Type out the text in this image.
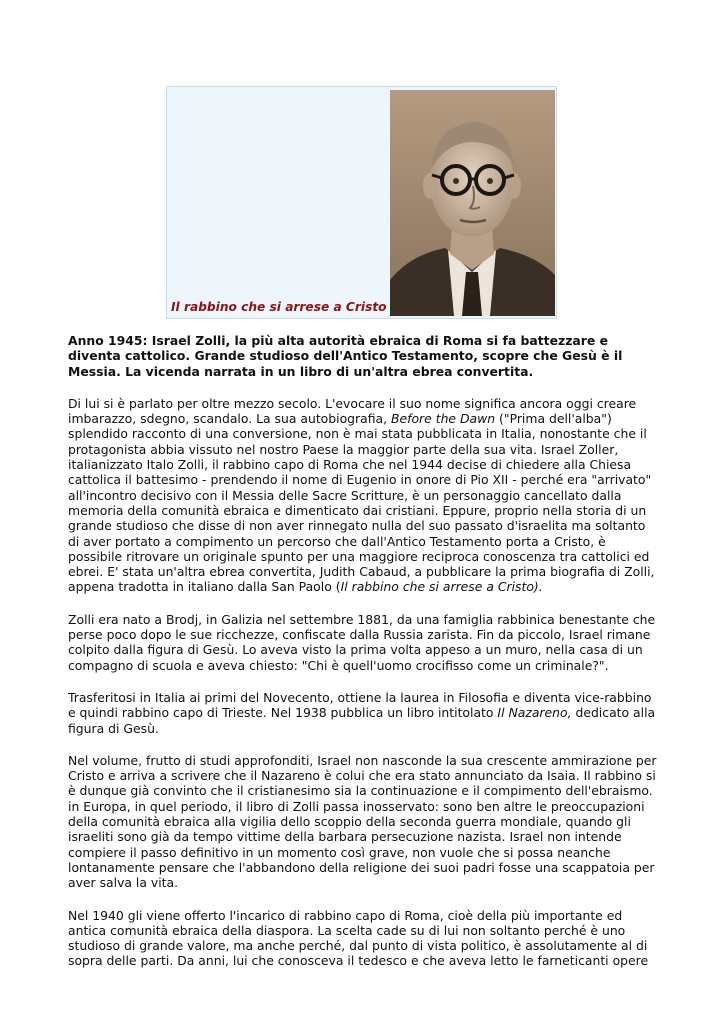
Il rabbino che si arrese a Cristo

Anno 1945: Israel Zolli, la più alta autorità ebraica di Roma si fa battezzare e diventa cattolico. Grande studioso dell'Antico Testamento, scopre che Gesù è il Messia. La vicenda narrata in un libro di un'altra ebrea convertita.

Di lui si è parlato per oltre mezzo secolo. L'evocare il suo nome significa ancora oggi creare imbarazzo, sdegno, scandalo. La sua autobiografia, Before the Dawn ("Prima dell'alba") splendido racconto di una conversione, non è mai stata pubblicata in Italia, nonostante che il protagonista abbia vissuto nel nostro Paese la maggior parte della sua vita. Israel Zoller, italianizzato Italo Zolli, il rabbino capo di Roma che nel 1944 decise di chiedere alla Chiesa cattolica il battesimo - prendendo il nome di Eugenio in onore di Pio XII - perché era "arrivato" all'incontro decisivo con il Messia delle Sacre Scritture, è un personaggio cancellato dalla memoria della comunità ebraica e dimenticato dai cristiani. Eppure, proprio nella storia di un grande studioso che disse di non aver rinnegato nulla del suo passato d'israelita ma soltanto di aver portato a compimento un percorso che dall'Antico Testamento porta a Cristo, è possibile ritrovare un originale spunto per una maggiore reciproca conoscenza tra cattolici ed ebrei. E' stata un'altra ebrea convertita, Judith Cabaud, a pubblicare la prima biografia di Zolli, appena tradotta in italiano dalla San Paolo (Il rabbino che si arrese a Cristo).

Zolli era nato a Brodj, in Galizia nel settembre 1881, da una famiglia rabbinica benestante che perse poco dopo le sue ricchezze, confiscate dalla Russia zarista. Fin da piccolo, Israel rimane colpito dalla figura di Gesù. Lo aveva visto la prima volta appeso a un muro, nella casa di un compagno di scuola e aveva chiesto: "Chi è quell'uomo crocifisso come un criminale?".

Trasferitosi in Italia ai primi del Novecento, ottiene la laurea in Filosofia e diventa vice-rabbino e quindi rabbino capo di Trieste. Nel 1938 pubblica un libro intitolato Il Nazareno, dedicato alla figura di Gesù.

Nel volume, frutto di studi approfonditi, Israel non nasconde la sua crescente ammirazione per Cristo e arriva a scrivere che il Nazareno è colui che era stato annunciato da Isaia. Il rabbino si è dunque già convinto che il cristianesimo sia la continuazione e il compimento dell'ebraismo. in Europa, in quel periodo, il libro di Zolli passa inosservato: sono ben altre le preoccupazioni della comunità ebraica alla vigilia dello scoppio della seconda guerra mondiale, quando gli israeliti sono già da tempo vittime della barbara persecuzione nazista. Israel non intende compiere il passo definitivo in un momento così grave, non vuole che si possa neanche lontanamente pensare che l'abbandono della religione dei suoi padri fosse una scappatoia per aver salva la vita.

Nel 1940 gli viene offerto l'incarico di rabbino capo di Roma, cioè della più importante ed antica comunità ebraica della diaspora. La scelta cade su di lui non soltanto perché è uno studioso di grande valore, ma anche perché, dal punto di vista politico, è assolutamente al di sopra delle parti. Da anni, lui che conosceva il tedesco e che aveva letto le farneticanti opere
